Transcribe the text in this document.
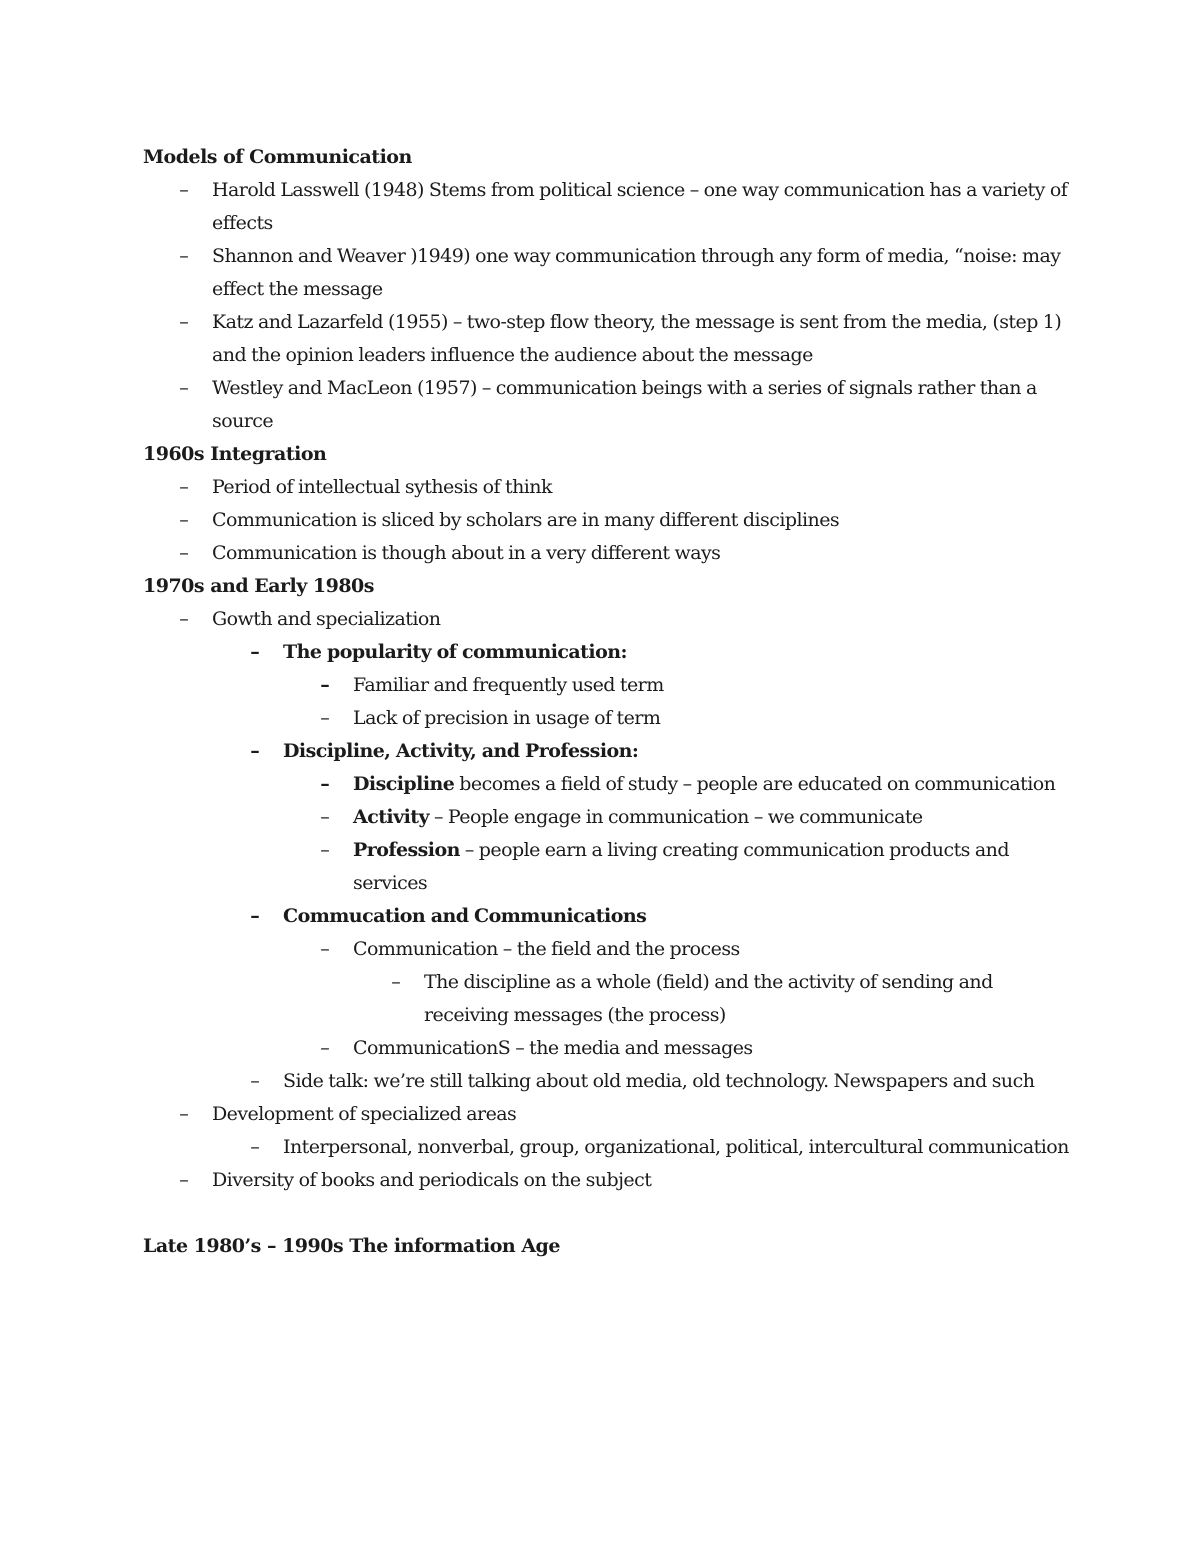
Models of Communication
– Harold Lasswell (1948) Stems from political science – one way communication has a variety of effects
– Shannon and Weaver )1949) one way communication through any form of media, “noise: may effect the message
– Katz and Lazarfeld (1955) – two-step flow theory, the message is sent from the media, (step 1) and the opinion leaders influence the audience about the message
– Westley and MacLeon (1957) – communication beings with a series of signals rather than a source
1960s Integration
– Period of intellectual sythesis of think
– Communication is sliced by scholars are in many different disciplines
– Communication is though about in a very different ways
1970s and Early 1980s
– Gowth and specialization
– The popularity of communication:
– Familiar and frequently used term
– Lack of precision in usage of term
– Discipline, Activity, and Profession:
– Discipline becomes a field of study – people are educated on communication
– Activity – People engage in communication – we communicate
– Profession – people earn a living creating communication products and services
– Commucation and Communications
– Communication – the field and the process
– The discipline as a whole (field) and the activity of sending and receiving messages (the process)
– CommunicationS – the media and messages
– Side talk: we’re still talking about old media, old technology. Newspapers and such
– Development of specialized areas
– Interpersonal, nonverbal, group, organizational, political, intercultural communication
– Diversity of books and periodicals on the subject
Late 1980’s – 1990s The information Age
